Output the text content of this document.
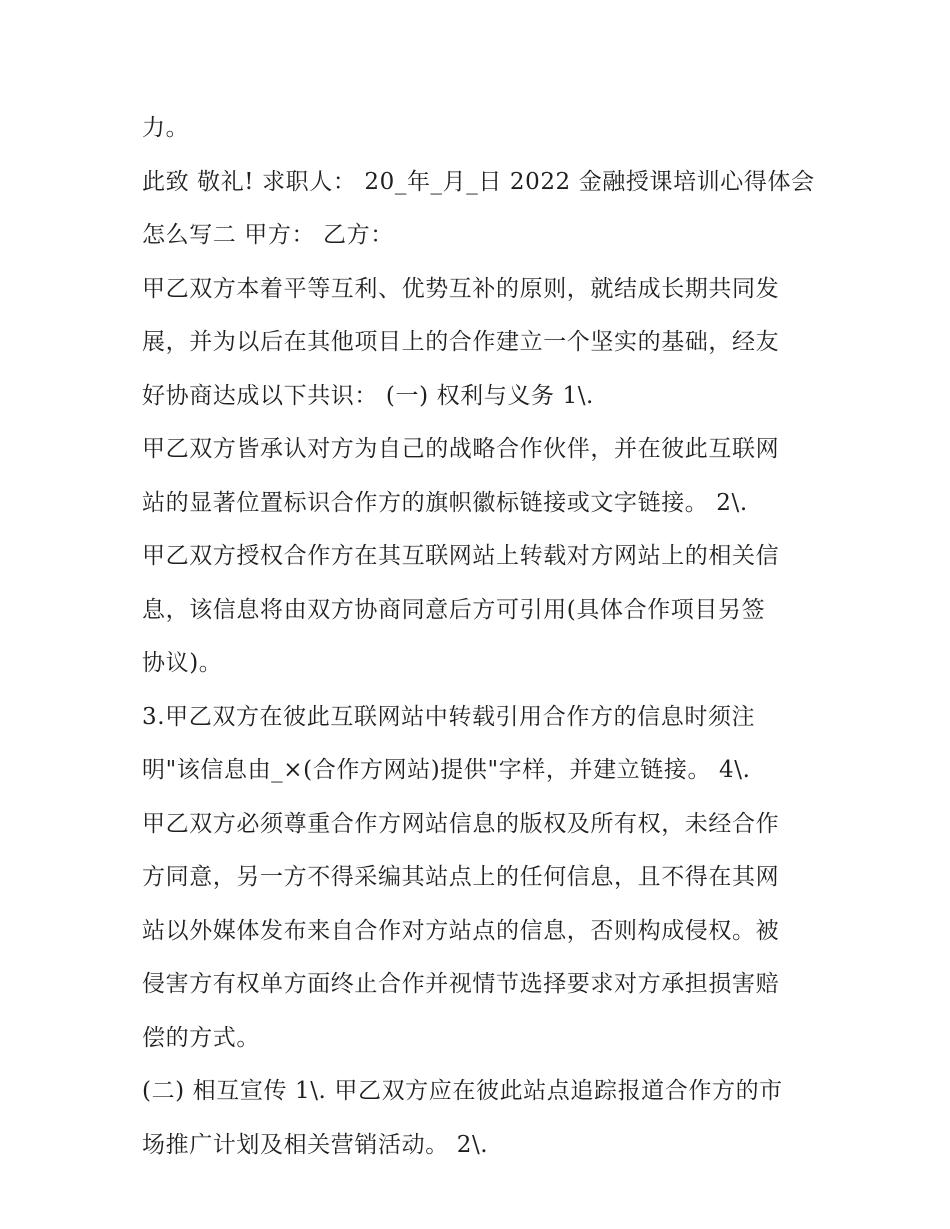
力。
此致 敬礼! 求职人： 20_年_月_日 2022 金融授课培训心得体会
怎么写二 甲方： 乙方：
甲乙双方本着平等互利、优势互补的原则，就结成长期共同发
展，并为以后在其他项目上的合作建立一个坚实的基础，经友
好协商达成以下共识： (一) 权利与义务 1\.
甲乙双方皆承认对方为自己的战略合作伙伴，并在彼此互联网
站的显著位置标识合作方的旗帜徽标链接或文字链接。 2\.
甲乙双方授权合作方在其互联网站上转载对方网站上的相关信
息，该信息将由双方协商同意后方可引用(具体合作项目另签
协议)。
3.甲乙双方在彼此互联网站中转载引用合作方的信息时须注
明"该信息由_×(合作方网站)提供"字样，并建立链接。 4\.
甲乙双方必须尊重合作方网站信息的版权及所有权，未经合作
方同意，另一方不得采编其站点上的任何信息，且不得在其网
站以外媒体发布来自合作对方站点的信息，否则构成侵权。被
侵害方有权单方面终止合作并视情节选择要求对方承担损害赔
偿的方式。
(二) 相互宣传 1\. 甲乙双方应在彼此站点追踪报道合作方的市
场推广计划及相关营销活动。 2\.
